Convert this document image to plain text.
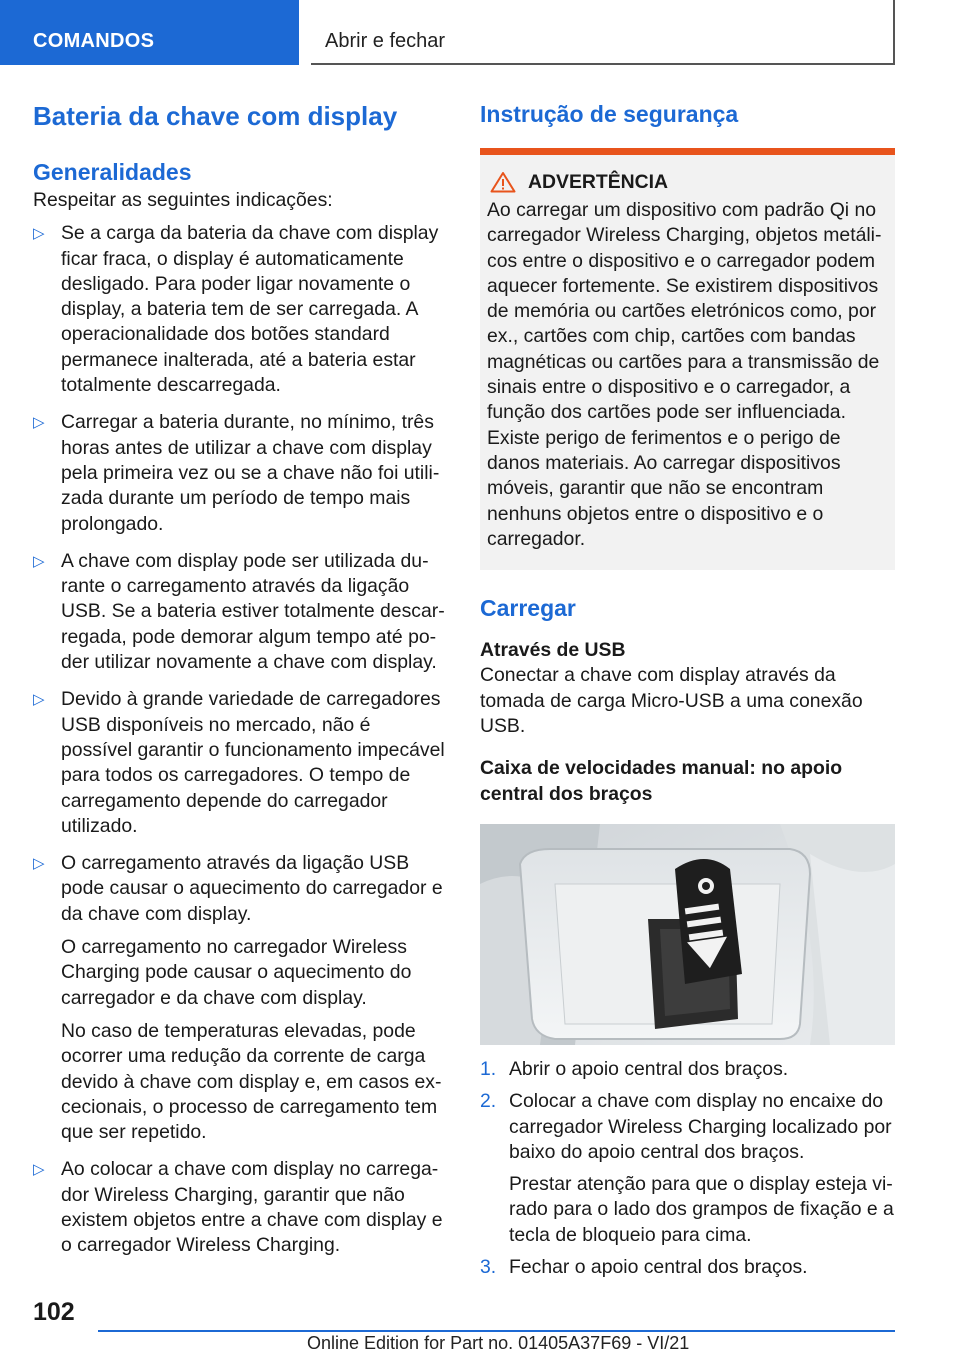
COMANDOS	Abrir e fechar
Bateria da chave com display
Generalidades

Respeitar as seguintes indicações:

▷ Se a carga da bateria da chave com display ficar fraca, o display é automaticamente desligado. Para poder ligar novamente o display, a bateria tem de ser carregada. A operacionalidade dos botões standard permanece inalterada, até a bateria estar totalmente descarregada.

▷ Carregar a bateria durante, no mínimo, três horas antes de utilizar a chave com display pela primeira vez ou se a chave não foi utilizada durante um período de tempo mais prolongado.

▷ A chave com display pode ser utilizada durante o carregamento através da ligação USB. Se a bateria estiver totalmente descarregada, pode demorar algum tempo até poder utilizar novamente a chave com display.

▷ Devido à grande variedade de carregadores USB disponíveis no mercado, não é possível garantir o funcionamento impecável para todos os carregadores. O tempo de carregamento depende do carregador utilizado.

▷ O carregamento através da ligação USB pode causar o aquecimento do carregador e da chave com display.

O carregamento no carregador Wireless Charging pode causar o aquecimento do carregador e da chave com display.

No caso de temperaturas elevadas, pode ocorrer uma redução da corrente de carga devido à chave com display e, em casos excecionais, o processo de carregamento tem que ser repetido.

▷ Ao colocar a chave com display no carregador Wireless Charging, garantir que não existem objetos entre a chave com display e o carregador Wireless Charging.

Instrução de segurança
ADVERTÊNCIA

Ao carregar um dispositivo com padrão Qi no carregador Wireless Charging, objetos metálicos entre o dispositivo e o carregador podem aquecer fortemente. Se existirem dispositivos de memória ou cartões eletrónicos como, por ex., cartões com chip, cartões com bandas magnéticas ou cartões para a transmissão de sinais entre o dispositivo e o carregador, a função dos cartões pode ser influenciada. Existe perigo de ferimentos e o perigo de danos materiais. Ao carregar dispositivos móveis, garantir que não se encontram nenhuns objetos entre o dispositivo e o carregador.

Carregar

Através de USB

Conectar a chave com display através da tomada de carga Micro-USB a uma conexão USB.

Caixa de velocidades manual: no apoio central dos braços

1. Abrir o apoio central dos braços.

2. Colocar a chave com display no encaixe do carregador Wireless Charging localizado por baixo do apoio central dos braços.

Prestar atenção para que o display esteja virado para o lado dos grampos de fixação e a tecla de bloqueio para cima.

3. Fechar o apoio central dos braços.

102
Online Edition for Part no. 01405A37F69 - VI/21
